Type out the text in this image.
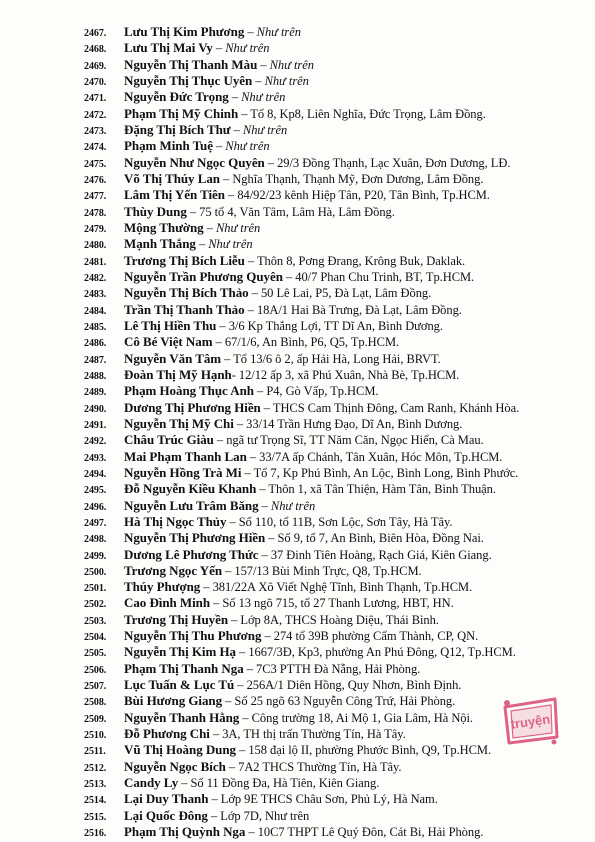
2467. Lưu Thị Kim Phương – Như trên
2468. Lưu Thị Mai Vy – Như trên
2469. Nguyễn Thị Thanh Màu – Như trên
2470. Nguyễn Thị Thục Uyên – Như trên
2471. Nguyễn Đức Trọng – Như trên
2472. Phạm Thị Mỹ Chinh – Tổ 8, Kp8, Liên Nghĩa, Đức Trọng, Lâm Đồng.
2473. Đặng Thị Bích Thư – Như trên
2474. Phạm Minh Tuệ – Như trên
2475. Nguyễn Như Ngọc Quyên – 29/3 Đồng Thạnh, Lạc Xuân, Đơn Dương, LĐ.
2476. Võ Thị Thúy Lan – Nghĩa Thạnh, Thạnh Mỹ, Đơn Dương, Lâm Đồng.
2477. Lâm Thị Yến Tiên – 84/92/23 kênh Hiệp Tân, P20, Tân Bình, Tp.HCM.
2478. Thùy Dung – 75 tổ 4, Văn Tâm, Lâm Hà, Lâm Đồng.
2479. Mộng Thường – Như trên
2480. Mạnh Thắng – Như trên
2481. Trương Thị Bích Liễu – Thôn 8, Pơng Đrang, Krông Buk, Daklak.
2482. Nguyễn Trần Phương Quyên – 40/7 Phan Chu Trinh, BT, Tp.HCM.
2483. Nguyễn Thị Bích Thảo – 50 Lê Lai, P5, Đà Lạt, Lâm Đồng.
2484. Trần Thị Thanh Thảo – 18A/1 Hai Bà Trưng, Đà Lạt, Lâm Đồng.
2485. Lê Thị Hiền Thu – 3/6 Kp Thắng Lợi, TT Dĩ An, Bình Dương.
2486. Cô Bé Việt Nam – 67/1/6, An Bình, P6, Q5, Tp.HCM.
2487. Nguyễn Văn Tâm – Tổ 13/6 ô 2, ấp Hải Hà, Long Hải, BRVT.
2488. Đoàn Thị Mỹ Hạnh- 12/12 ấp 3, xã Phú Xuân, Nhà Bè, Tp.HCM.
2489. Phạm Hoàng Thục Anh – P4, Gò Vấp, Tp.HCM.
2490. Dương Thị Phương Hiền – THCS Cam Thịnh Đông, Cam Ranh, Khánh Hòa.
2491. Nguyễn Thị Mỹ Chi – 33/14 Trần Hưng Đạo, Dĩ An, Bình Dương.
2492. Châu Trúc Giàu – ngã tư Trọng Sĩ, TT Năm Căn, Ngọc Hiển, Cà Mau.
2493. Mai Phạm Thanh Lan – 33/7A ấp Chánh, Tân Xuân, Hóc Môn, Tp.HCM.
2494. Nguyễn Hồng Trà Mi – Tổ 7, Kp Phú Bình, An Lộc, Bình Long, Bình Phước.
2495. Đỗ Nguyễn Kiều Khanh – Thôn 1, xã Tân Thiện, Hàm Tân, Bình Thuận.
2496. Nguyễn Lưu Trâm Băng – Như trên
2497. Hà Thị Ngọc Thủy – Số 110, tổ 11B, Sơn Lộc, Sơn Tây, Hà Tây.
2498. Nguyễn Thị Phương Hiền – Số 9, tổ 7, An Bình, Biên Hòa, Đồng Nai.
2499. Dương Lê Phương Thức – 37 Đinh Tiên Hoàng, Rạch Giá, Kiên Giang.
2500. Trương Ngọc Yến – 157/13 Bùi Minh Trực, Q8, Tp.HCM.
2501. Thúy Phượng – 381/22A Xô Viết Nghệ Tĩnh, Bình Thạnh, Tp.HCM.
2502. Cao Đình Minh – Số 13 ngõ 715, tổ 27 Thanh Lương, HBT, HN.
2503. Trương Thị Huyền – Lớp 8A, THCS Hoàng Diệu, Thái Bình.
2504. Nguyễn Thị Thu Phương – 274 tổ 39B phường Cẩm Thành, CP, QN.
2505. Nguyễn Thị Kim Hạ – 1667/3Đ, Kp3, phường An Phú Đông, Q12, Tp.HCM.
2506. Phạm Thị Thanh Nga – 7C3 PTTH Đà Nẵng, Hải Phòng.
2507. Lục Tuấn & Lục Tú – 256A/1 Diên Hồng, Quy Nhơn, Bình Định.
2508. Bùi Hương Giang – Số 25 ngõ 63 Nguyễn Công Trứ, Hải Phòng.
2509. Nguyễn Thanh Hằng – Công trường 18, Ai Mộ 1, Gia Lâm, Hà Nội.
2510. Đỗ Phương Chi – 3A, TH thị trấn Thường Tín, Hà Tây.
2511. Vũ Thị Hoàng Dung – 158 đại lộ II, phường Phước Bình, Q9, Tp.HCM.
2512. Nguyễn Ngọc Bích – 7A2 THCS Thường Tín, Hà Tây.
2513. Candy Ly – Số 11 Đồng Đa, Hà Tiên, Kiên Giang.
2514. Lại Duy Thanh – Lớp 9E THCS Châu Sơn, Phủ Lý, Hà Nam.
2515. Lại Quốc Đông – Lớp 7D, Như trên
2516. Phạm Thị Quỳnh Nga – 10C7 THPT Lê Quý Đôn, Cát Bi, Hải Phòng.
truyện
